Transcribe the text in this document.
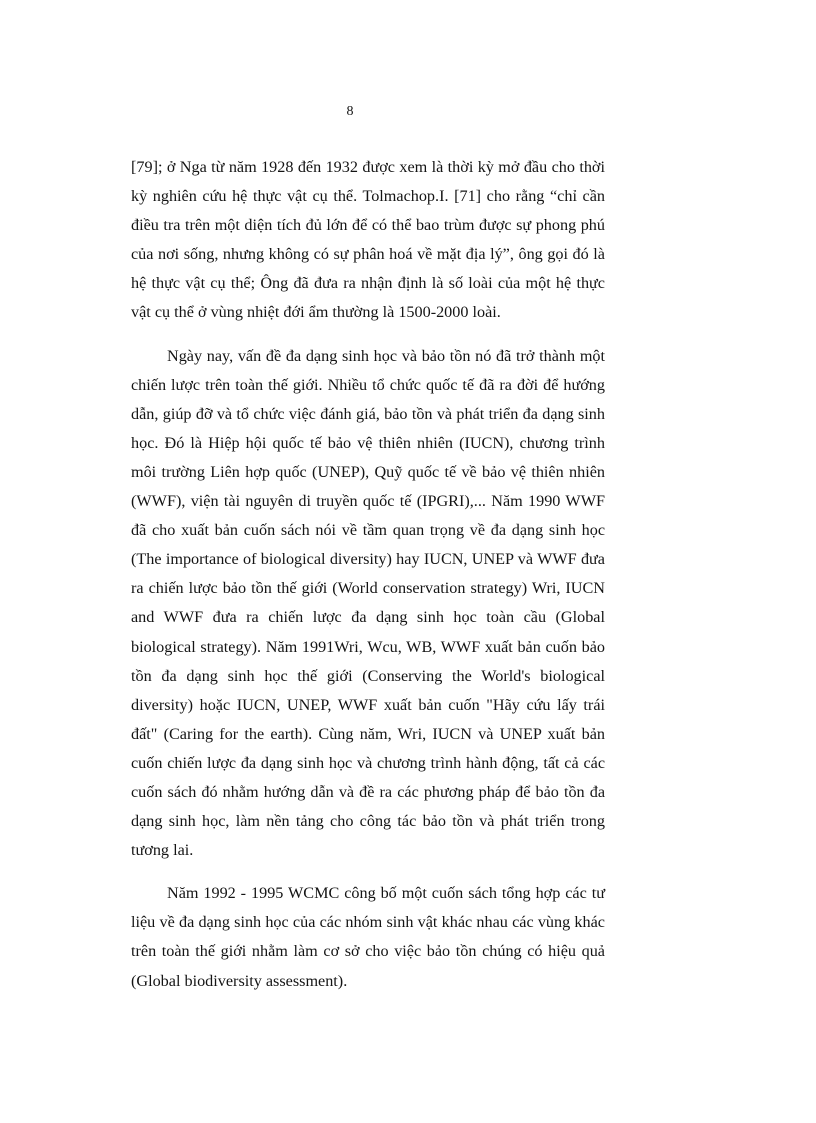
8

[79]; ở Nga từ năm 1928 đến 1932 được xem là thời kỳ mở đầu cho thời kỳ nghiên cứu hệ thực vật cụ thể. Tolmachop.I. [71] cho rằng “chỉ cần điều tra trên một diện tích đủ lớn để có thể bao trùm được sự phong phú của nơi sống, nhưng không có sự phân hoá về mặt địa lý”, ông gọi đó là hệ thực vật cụ thể; Ông đã đưa ra nhận định là số loài của một hệ thực vật cụ thể ở vùng nhiệt đới ẩm thường là 1500-2000 loài.

Ngày nay, vấn đề đa dạng sinh học và bảo tồn nó đã trở thành một chiến lược trên toàn thế giới. Nhiều tổ chức quốc tế đã ra đời để hướng dẫn, giúp đỡ và tổ chức việc đánh giá, bảo tồn và phát triển đa dạng sinh học. Đó là Hiệp hội quốc tế bảo vệ thiên nhiên (IUCN), chương trình môi trường Liên hợp quốc (UNEP), Quỹ quốc tế về bảo vệ thiên nhiên (WWF), viện tài nguyên di truyền quốc tế (IPGRI),... Năm 1990 WWF đã cho xuất bản cuốn sách nói về tầm quan trọng về đa dạng sinh học (The importance of biological diversity) hay IUCN, UNEP và WWF đưa ra chiến lược bảo tồn thế giới (World conservation strategy) Wri, IUCN and WWF đưa ra chiến lược đa dạng sinh học toàn cầu (Global biological strategy). Năm 1991Wri, Wcu, WB, WWF xuất bản cuốn bảo tồn đa dạng sinh học thế giới (Conserving the World's biological diversity) hoặc IUCN, UNEP, WWF xuất bản cuốn "Hãy cứu lấy trái đất" (Caring for the earth). Cùng năm, Wri, IUCN và UNEP xuất bản cuốn chiến lược đa dạng sinh học và chương trình hành động, tất cả các cuốn sách đó nhằm hướng dẫn và đề ra các phương pháp để bảo tồn đa dạng sinh học, làm nền tảng cho công tác bảo tồn và phát triển trong tương lai.

Năm 1992 - 1995 WCMC công bố một cuốn sách tổng hợp các tư liệu về đa dạng sinh học của các nhóm sinh vật khác nhau các vùng khác trên toàn thế giới nhằm làm cơ sở cho việc bảo tồn chúng có hiệu quả (Global biodiversity assessment).
